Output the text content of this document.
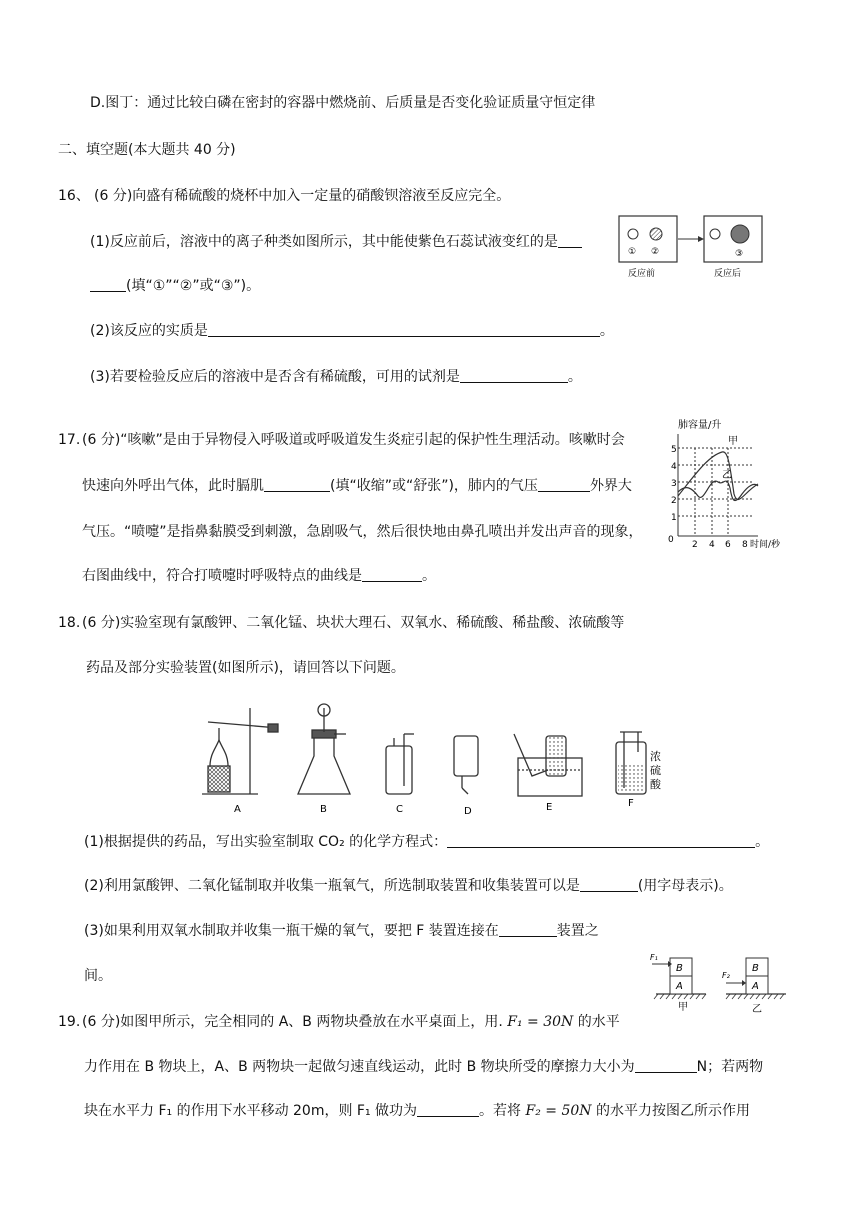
D.图丁：通过比较白磷在密封的容器中燃烧前、后质量是否变化验证质量守恒定律
二、填空题(本大题共 40 分)
16、 (6 分)向盛有稀硫酸的烧杯中加入一定量的硝酸钡溶液至反应完全。
(1)反应前后，溶液中的离子种类如图所示，其中能使紫色石蕊试液变红的是
(填“①”“②”或“③”)。
(2)该反应的实质是	。
(3)若要检验反应后的溶液中是否含有稀硫酸，可用的试剂是	。
① ②	③
反应前	反应后
17. (6 分)“咳嗽”是由于异物侵入呼吸道或呼吸道发生炎症引起的保护性生理活动。咳嗽时会
快速向外呼出气体，此时膈肌	(填“收缩”或“舒张”)，肺内的气压	外界大
气压。“喷嚏”是指鼻黏膜受到刺激，急剧吸气，然后很快地由鼻孔喷出并发出声音的现象，
右图曲线中，符合打喷嚏时呼吸特点的曲线是	。
肺容量/升
5
4
3
2
1
0 2 4 6 8 时间/秒
甲
乙
18. (6 分)实验室现有氯酸钾、二氧化锰、块状大理石、双氧水、稀硫酸、稀盐酸、浓硫酸等
药品及部分实验装置(如图所示)，请回答以下问题。
A	B	C	D	E
浓
硫
酸
F
(1)根据提供的药品，写出实验室制取 CO₂ 的化学方程式：	。
(2)利用氯酸钾、二氧化锰制取并收集一瓶氧气，所选制取装置和收集装置可以是	(用字母表示)。
(3)如果利用双氧水制取并收集一瓶干燥的氧气，要把 F 装置连接在	装置之
间。	B
A
F₁
甲
B
A
F₂
乙
19. (6 分)如图甲所示，完全相同的 A、B 两物块叠放在水平桌面上，用. F₁ = 30N 的水平
力作用在 B 物块上，A、B 两物块一起做匀速直线运动，此时 B 物块所受的摩擦力大小为	N；若两物
块在水平力 F₁ 的作用下水平移动 20m，则 F₁ 做功为	。若将 F₂ = 50N 的水平力按图乙所示作用
